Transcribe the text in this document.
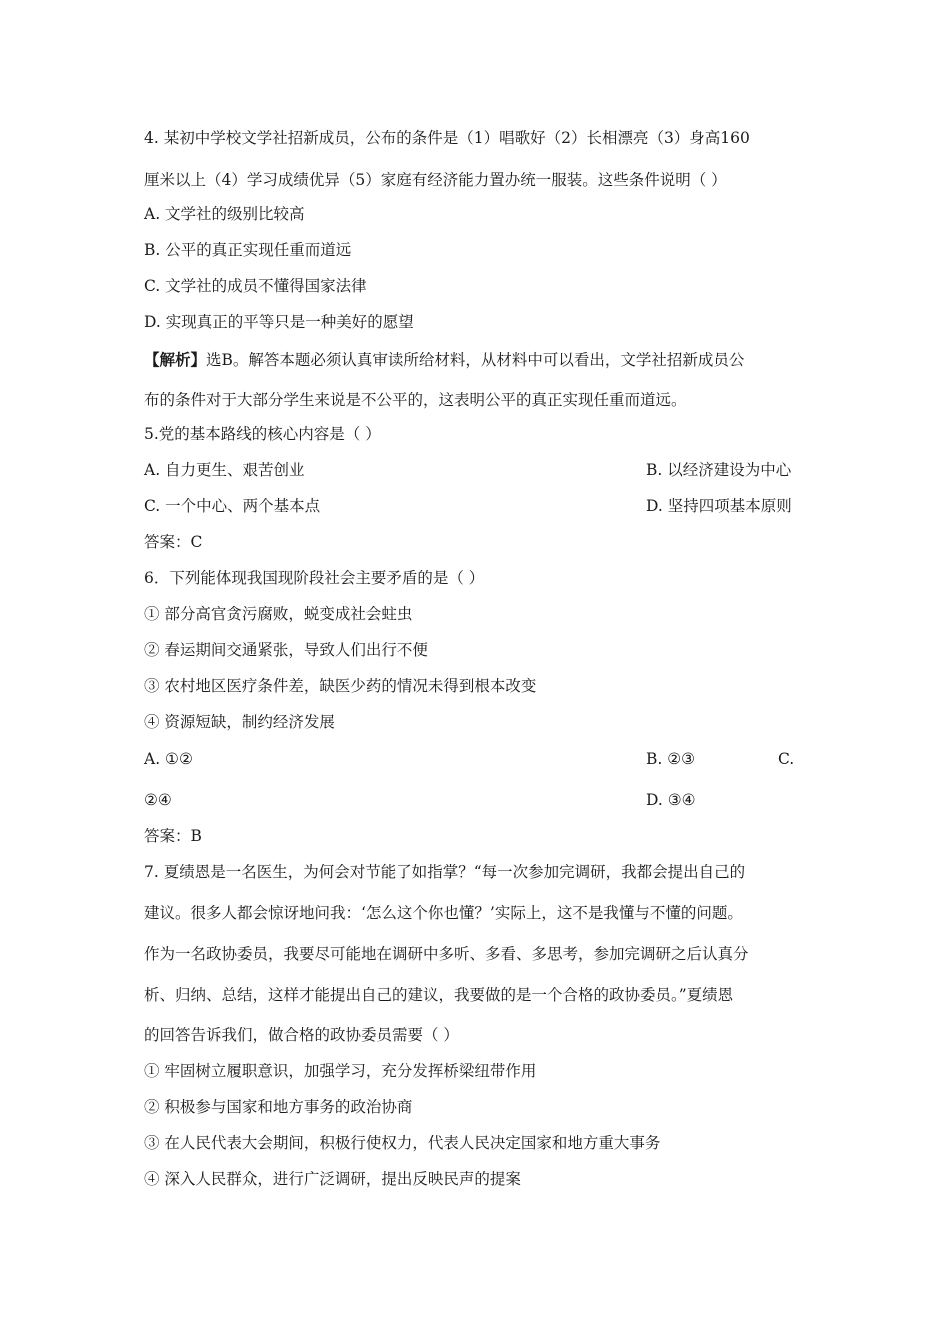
4. 某初中学校文学社招新成员，公布的条件是（1）唱歌好（2）长相漂亮（3）身高160
厘米以上（4）学习成绩优异（5）家庭有经济能力置办统一服装。这些条件说明（ ）
A. 文学社的级别比较高
B. 公平的真正实现任重而道远
C. 文学社的成员不懂得国家法律
D. 实现真正的平等只是一种美好的愿望
【解析】选B。解答本题必须认真审读所给材料，从材料中可以看出，文学社招新成员公
布的条件对于大部分学生来说是不公平的，这表明公平的真正实现任重而道远。
5.党的基本路线的核心内容是（ ）
A. 自力更生、艰苦创业	B. 以经济建设为中心
C. 一个中心、两个基本点	D. 坚持四项基本原则
答案：C
6．下列能体现我国现阶段社会主要矛盾的是（ ）
① 部分高官贪污腐败，蜕变成社会蛀虫
② 春运期间交通紧张，导致人们出行不便
③ 农村地区医疗条件差，缺医少药的情况未得到根本改变
④ 资源短缺，制约经济发展
A. ①②	B. ②③	C.
②④	D. ③④
答案：B
7. 夏绩恩是一名医生，为何会对节能了如指掌？“每一次参加完调研，我都会提出自己的
建议。很多人都会惊讶地问我：‘怎么这个你也懂？’实际上，这不是我懂与不懂的问题。
作为一名政协委员，我要尽可能地在调研中多听、多看、多思考，参加完调研之后认真分
析、归纳、总结，这样才能提出自己的建议，我要做的是一个合格的政协委员。”夏绩恩
的回答告诉我们，做合格的政协委员需要（ ）
① 牢固树立履职意识，加强学习，充分发挥桥梁纽带作用
② 积极参与国家和地方事务的政治协商
③ 在人民代表大会期间，积极行使权力，代表人民决定国家和地方重大事务
④ 深入人民群众，进行广泛调研，提出反映民声的提案
